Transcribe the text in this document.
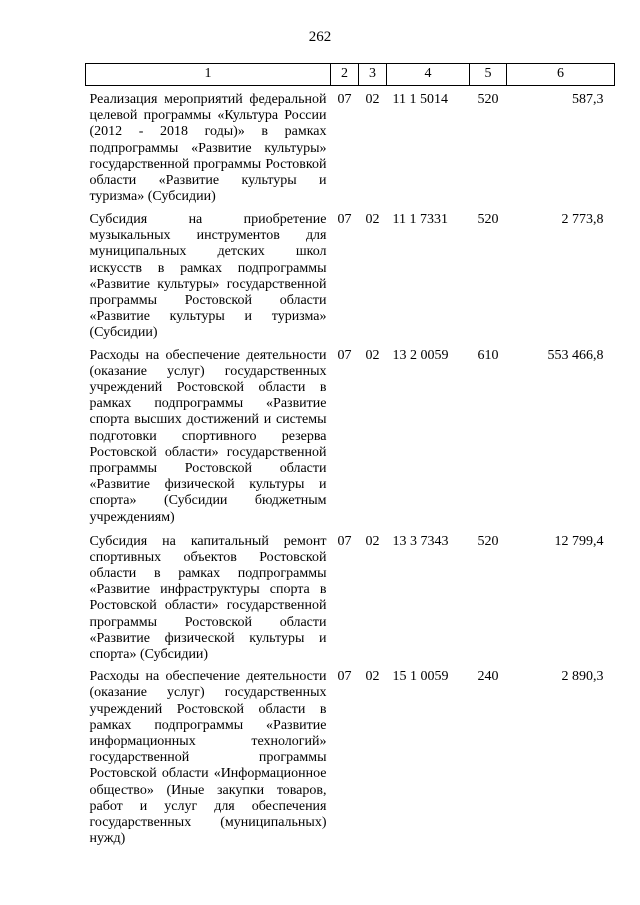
262
1	2	3	4	5	6
Реализация мероприятий федеральной целевой программы «Культура России (2012 - 2018 годы)» в рамках подпрограммы «Развитие культуры» государственной программы Ростовкой области «Развитие культуры и туризма» (Субсидии)	07	02	11 1 5014	520	587,3
Субсидия на приобретение музыкальных инструментов для муниципальных детских школ искусств в рамках подпрограммы «Развитие культуры» государственной программы Ростовской области «Развитие культуры и туризма» (Субсидии)	07	02	11 1 7331	520	2 773,8
Расходы на обеспечение деятельности (оказание услуг) государственных учреждений Ростовской области в рамках подпрограммы «Развитие спорта высших достижений и системы подготовки спортивного резерва Ростовской области» государственной программы Ростовской области «Развитие физической культуры и спорта» (Субсидии бюджетным учреждениям)	07	02	13 2 0059	610	553 466,8
Субсидия на капитальный ремонт спортивных объектов Ростовской области в рамках подпрограммы «Развитие инфраструктуры спорта в Ростовской области» государственной программы Ростовской области «Развитие физической культуры и спорта» (Субсидии)	07	02	13 3 7343	520	12 799,4
Расходы на обеспечение деятельности (оказание услуг) государственных учреждений Ростовской области в рамках подпрограммы «Развитие информационных технологий» государственной программы Ростовской области «Информационное общество» (Иные закупки товаров, работ и услуг для обеспечения государственных (муниципальных) нужд)	07	02	15 1 0059	240	2 890,3
